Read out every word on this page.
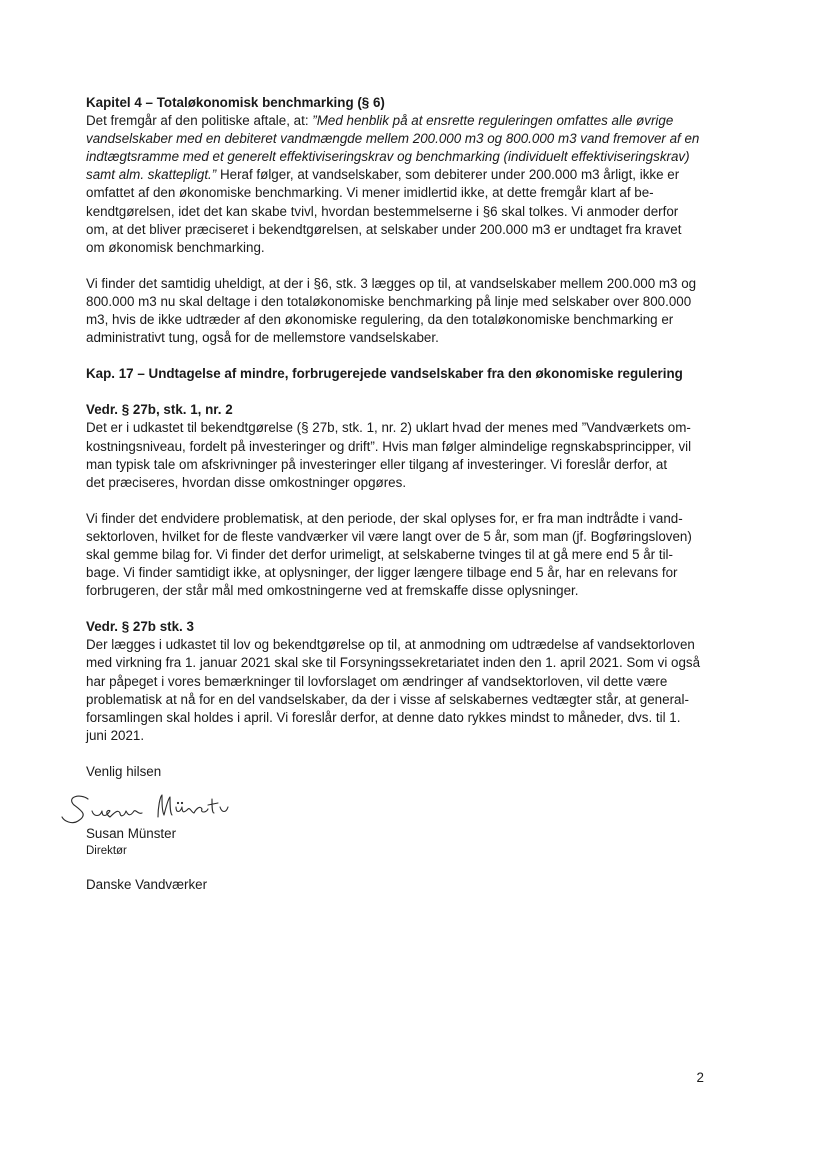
Kapitel 4 – Totaløkonomisk benchmarking (§ 6)
Det fremgår af den politiske aftale, at: ”Med henblik på at ensrette reguleringen omfattes alle øvrige
vandselskaber med en debiteret vandmængde mellem 200.000 m3 og 800.000 m3 vand fremover af en
indtægtsramme med et generelt effektiviseringskrav og benchmarking (individuelt effektiviseringskrav)
samt alm. skattepligt.” Heraf følger, at vandselskaber, som debiterer under 200.000 m3 årligt, ikke er
omfattet af den økonomiske benchmarking. Vi mener imidlertid ikke, at dette fremgår klart af be-
kendtgørelsen, idet det kan skabe tvivl, hvordan bestemmelserne i §6 skal tolkes. Vi anmoder derfor
om, at det bliver præciseret i bekendtgørelsen, at selskaber under 200.000 m3 er undtaget fra kravet
om økonomisk benchmarking.
Vi finder det samtidig uheldigt, at der i §6, stk. 3 lægges op til, at vandselskaber mellem 200.000 m3 og
800.000 m3 nu skal deltage i den totaløkonomiske benchmarking på linje med selskaber over 800.000
m3, hvis de ikke udtræder af den økonomiske regulering, da den totaløkonomiske benchmarking er
administrativt tung, også for de mellemstore vandselskaber.
Kap. 17 – Undtagelse af mindre, forbrugerejede vandselskaber fra den økonomiske regulering
Vedr. § 27b, stk. 1, nr. 2
Det er i udkastet til bekendtgørelse (§ 27b, stk. 1, nr. 2) uklart hvad der menes med ”Vandværkets om-
kostningsniveau, fordelt på investeringer og drift”. Hvis man følger almindelige regnskabsprincipper, vil
man typisk tale om afskrivninger på investeringer eller tilgang af investeringer. Vi foreslår derfor, at
det præciseres, hvordan disse omkostninger opgøres.
Vi finder det endvidere problematisk, at den periode, der skal oplyses for, er fra man indtrådte i vand-
sektorloven, hvilket for de fleste vandværker vil være langt over de 5 år, som man (jf. Bogføringsloven)
skal gemme bilag for. Vi finder det derfor urimeligt, at selskaberne tvinges til at gå mere end 5 år til-
bage. Vi finder samtidigt ikke, at oplysninger, der ligger længere tilbage end 5 år, har en relevans for
forbrugeren, der står mål med omkostningerne ved at fremskaffe disse oplysninger.
Vedr. § 27b stk. 3
Der lægges i udkastet til lov og bekendtgørelse op til, at anmodning om udtrædelse af vandsektorloven
med virkning fra 1. januar 2021 skal ske til Forsyningssekretariatet inden den 1. april 2021. Som vi også
har påpeget i vores bemærkninger til lovforslaget om ændringer af vandsektorloven, vil dette være
problematisk at nå for en del vandselskaber, da der i visse af selskabernes vedtægter står, at general-
forsamlingen skal holdes i april. Vi foreslår derfor, at denne dato rykkes mindst to måneder, dvs. til 1.
juni 2021.
Venlig hilsen
Susan Münster
Direktør
Danske Vandværker
2
